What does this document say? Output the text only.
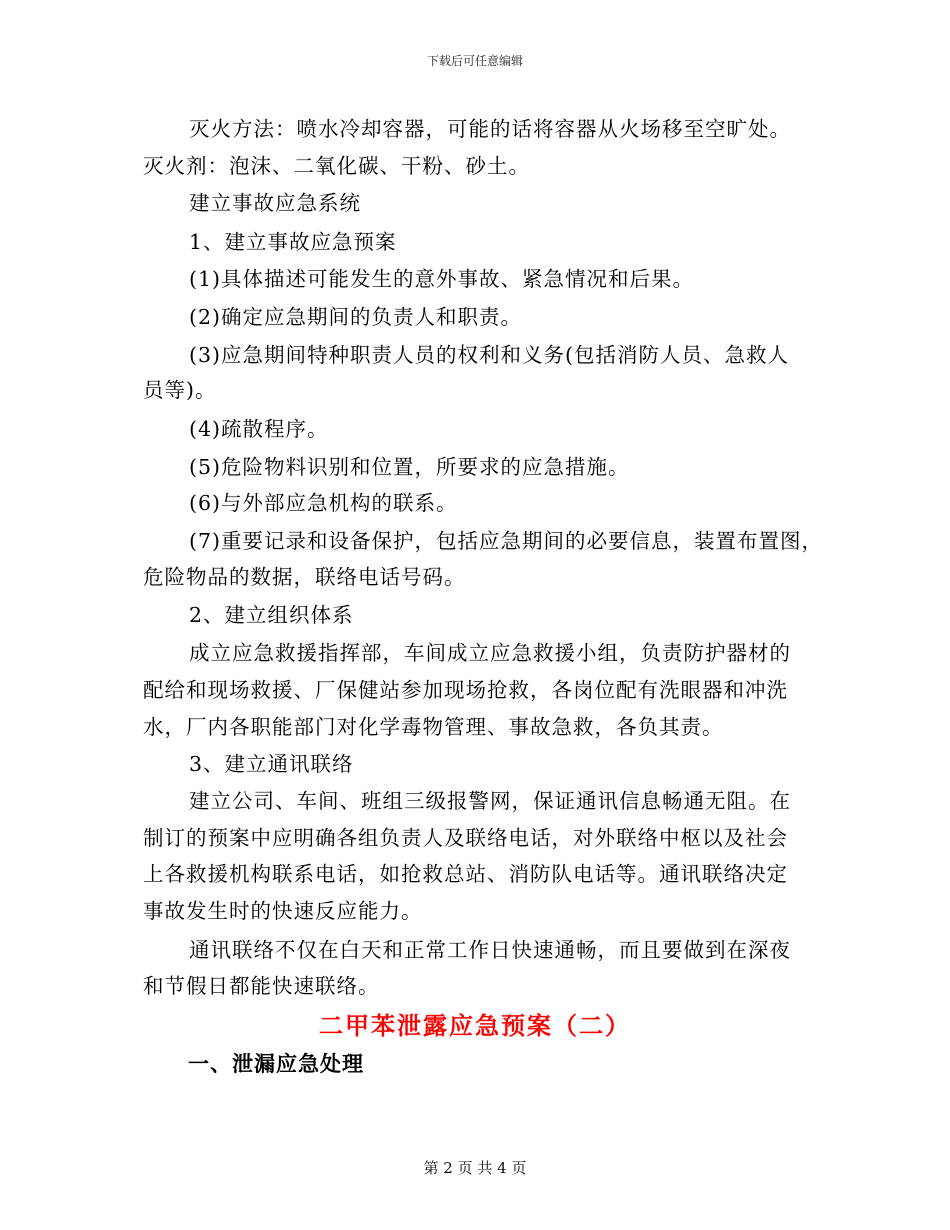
下载后可任意编辑
灭火方法：喷水冷却容器，可能的话将容器从火场移至空旷处。
灭火剂：泡沫、二氧化碳、干粉、砂土。
建立事故应急系统
1、建立事故应急预案
(1)具体描述可能发生的意外事故、紧急情况和后果。
(2)确定应急期间的负责人和职责。
(3)应急期间特种职责人员的权利和义务(包括消防人员、急救人
员等)。
(4)疏散程序。
(5)危险物料识别和位置，所要求的应急措施。
(6)与外部应急机构的联系。
(7)重要记录和设备保护，包括应急期间的必要信息，装置布置图，
危险物品的数据，联络电话号码。
2、建立组织体系
成立应急救援指挥部，车间成立应急救援小组，负责防护器材的
配给和现场救援、厂保健站参加现场抢救，各岗位配有洗眼器和冲洗
水，厂内各职能部门对化学毒物管理、事故急救，各负其责。
3、建立通讯联络
建立公司、车间、班组三级报警网，保证通讯信息畅通无阻。在
制订的预案中应明确各组负责人及联络电话，对外联络中枢以及社会
上各救援机构联系电话，如抢救总站、消防队电话等。通讯联络决定
事故发生时的快速反应能力。
通讯联络不仅在白天和正常工作日快速通畅，而且要做到在深夜
和节假日都能快速联络。
二甲苯泄露应急预案（二）
一、泄漏应急处理
第 2 页 共 4 页
